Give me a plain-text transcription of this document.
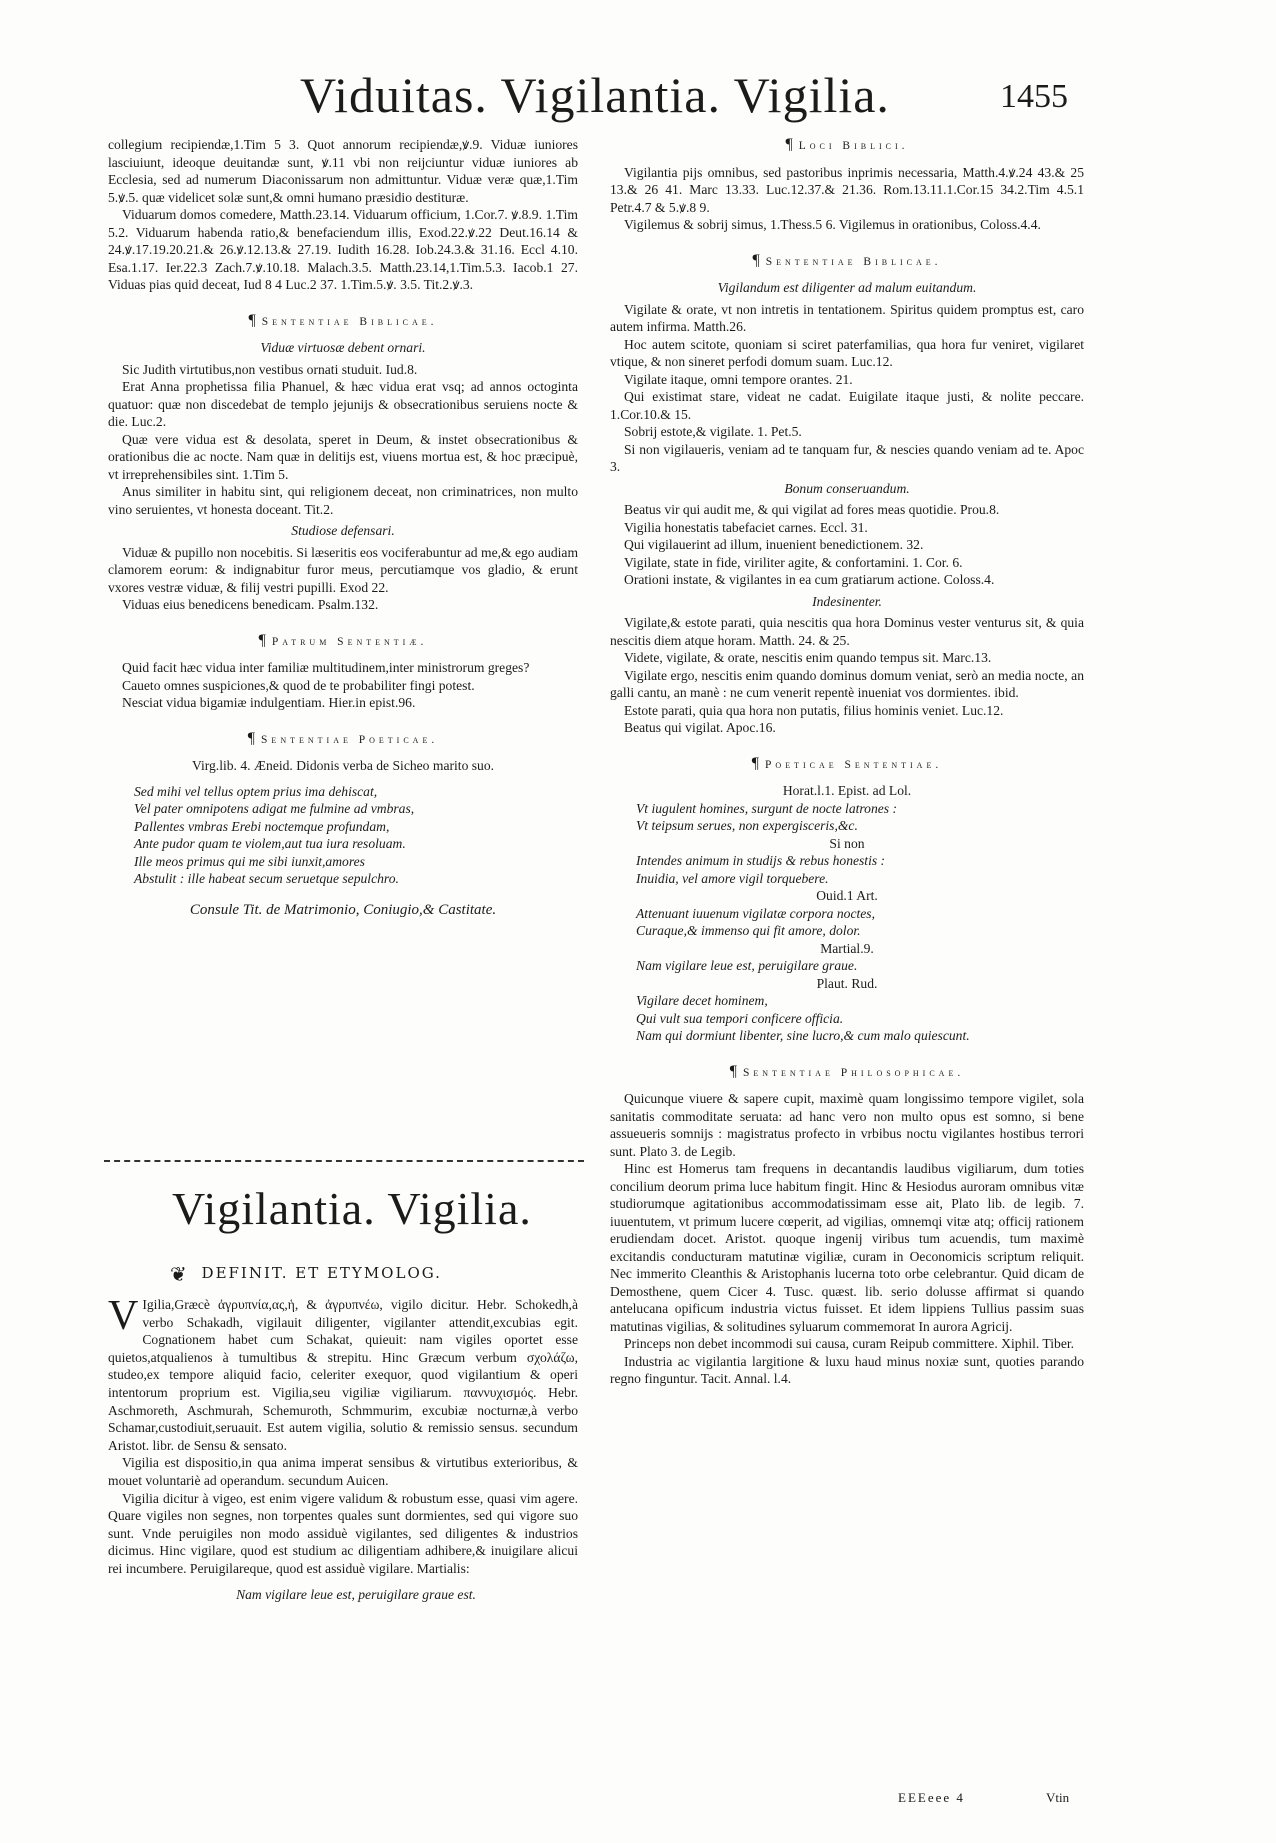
Viduitas. Vigilantia. Vigilia.	1455

collegium recipiendæ,1.Tim 5 3. Quot annorum recipiendæ,ꝟ.9. Viduæ iuniores lasciuiunt, ideoque deuitandæ sunt, ꝟ.11 vbi non reijciuntur viduæ iuniores ab Ecclesia, sed ad numerum Diaconissarum non admittuntur. Viduæ veræ quæ,1.Tim 5.ꝟ.5. quæ videlicet solæ sunt,& omni humano præsidio destituræ.

Viduarum domos comedere, Matth.23.14. Viduarum officium, 1.Cor.7. ꝟ.8.9. 1.Tim 5.2. Viduarum habenda ratio,& benefaciendum illis, Exod.22.ꝟ.22 Deut.16.14 & 24.ꝟ.17.19.20.21.& 26.ꝟ.12.13.& 27.19. Iudith 16.28. Iob.24.3.& 31.16. Eccl 4.10. Esa.1.17. Ier.22.3 Zach.7.ꝟ.10.18. Malach.3.5. Matth.23.14,1.Tim.5.3. Iacob.1 27. Viduas pias quid deceat, Iud 8 4 Luc.2 37. 1.Tim.5.ꝟ. 3.5. Tit.2.ꝟ.3.

¶ Sententiae Biblicae.
Viduæ virtuosæ debent ornari.

Sic Judith virtutibus,non vestibus ornati studuit. Iud.8.

Erat Anna prophetissa filia Phanuel, & hæc vidua erat vsq; ad annos octoginta quatuor: quæ non discedebat de templo jejunijs & obsecrationibus seruiens nocte & die. Luc.2.

Quæ vere vidua est & desolata, speret in Deum, & instet obsecrationibus & orationibus die ac nocte. Nam quæ in delitijs est, viuens mortua est, & hoc præcipuè, vt irreprehensibiles sint. 1.Tim 5.

Anus similiter in habitu sint, qui religionem deceat, non criminatrices, non multo vino seruientes, vt honesta doceant. Tit.2.

Studiose defensari.

Viduæ & pupillo non nocebitis. Si læseritis eos vociferabuntur ad me,& ego audiam clamorem eorum: & indignabitur furor meus, percutiamque vos gladio, & erunt vxores vestræ viduæ, & filij vestri pupilli. Exod 22.

Viduas eius benedicens benedicam. Psalm.132.

¶ Patrum Sententiæ.

Quid facit hæc vidua inter familiæ multitudinem,inter ministrorum greges?

Caueto omnes suspiciones,& quod de te probabiliter fingi potest.

Nesciat vidua bigamiæ indulgentiam. Hier.in epist.96.

¶ Sententiae Poeticae.
Virg.lib. 4. Æneid. Didonis verba de Sicheo marito suo.
Sed mihi vel tellus optem prius ima dehiscat,
Vel pater omnipotens adigat me fulmine ad vmbras,
Pallentes vmbras Erebi noctemque profundam,
Ante pudor quam te violem,aut tua iura resoluam.
Ille meos primus qui me sibi iunxit,amores
Abstulit : ille habeat secum seruetque sepulchro.
Consule Tit. de Matrimonio, Coniugio,& Castitate.
Vigilantia. Vigilia.
❦ DEFINIT. ET ETYMOLOG.

V Igilia,Græcè ἀγρυπνία,ας,ἡ, & ἀγρυπνέω, vigilo dicitur. Hebr. Schokedh,à verbo Schakadh, vigilauit diligenter, vigilanter attendit,excubias egit. Cognationem habet cum Schakat, quieuit: nam vigiles oportet esse quietos,atqualienos à tumultibus & strepitu. Hinc Græcum verbum σχολάζω, studeo,ex tempore aliquid facio, celeriter exequor, quod vigilantium & operi intentorum proprium est. Vigilia,seu vigiliæ vigiliarum. παννυχισμός. Hebr. Aschmoreth, Aschmurah, Schemuroth, Schmmurim, excubiæ nocturnæ,à verbo Schamar,custodiuit,seruauit. Est autem vigilia, solutio & remissio sensus. secundum Aristot. libr. de Sensu & sensato.

Vigilia est dispositio,in qua anima imperat sensibus & virtutibus exterioribus, & mouet voluntariè ad operandum. secundum Auicen.

Vigilia dicitur à vigeo, est enim vigere validum & robustum esse, quasi vim agere. Quare vigiles non segnes, non torpentes quales sunt dormientes, sed qui vigore suo sunt. Vnde peruigiles non modo assiduè vigilantes, sed diligentes & industrios dicimus. Hinc vigilare, quod est studium ac diligentiam adhibere,& inuigilare alicui rei incumbere. Peruigilareque, quod est assiduè vigilare. Martialis:

Nam vigilare leue est, peruigilare graue est.
¶ Loci Biblici.

Vigilantia pijs omnibus, sed pastoribus inprimis necessaria, Matth.4.ꝟ.24 43.& 25 13.& 26 41. Marc 13.33. Luc.12.37.& 21.36. Rom.13.11.1.Cor.15 34.2.Tim 4.5.1 Petr.4.7 & 5.ꝟ.8 9.

Vigilemus & sobrij simus, 1.Thess.5 6. Vigilemus in orationibus, Coloss.4.4.

¶ Sententiae Biblicae.
Vigilandum est diligenter ad malum euitandum.

Vigilate & orate, vt non intretis in tentationem. Spiritus quidem promptus est, caro autem infirma. Matth.26.

Hoc autem scitote, quoniam si sciret paterfamilias, qua hora fur veniret, vigilaret vtique, & non sineret perfodi domum suam. Luc.12.

Vigilate itaque, omni tempore orantes. 21.

Qui existimat stare, videat ne cadat. Euigilate itaque justi, & nolite peccare. 1.Cor.10.& 15.

Sobrij estote,& vigilate. 1. Pet.5.

Si non vigilaueris, veniam ad te tanquam fur, & nescies quando veniam ad te. Apoc 3.

Bonum conseruandum.

Beatus vir qui audit me, & qui vigilat ad fores meas quotidie. Prou.8.

Vigilia honestatis tabefaciet carnes. Eccl. 31.

Qui vigilauerint ad illum, inuenient benedictionem. 32.

Vigilate, state in fide, viriliter agite, & confortamini. 1. Cor. 6.

Orationi instate, & vigilantes in ea cum gratiarum actione. Coloss.4.

Indesinenter.

Vigilate,& estote parati, quia nescitis qua hora Dominus vester venturus sit, & quia nescitis diem atque horam. Matth. 24. & 25.

Videte, vigilate, & orate, nescitis enim quando tempus sit. Marc.13.

Vigilate ergo, nescitis enim quando dominus domum veniat, serò an media nocte, an galli cantu, an manè : ne cum venerit repentè inueniat vos dormientes. ibid.

Estote parati, quia qua hora non putatis, filius hominis veniet. Luc.12.

Beatus qui vigilat. Apoc.16.

¶ Poeticae Sententiae.
Horat.l.1. Epist. ad Lol.
Vt iugulent homines, surgunt de nocte latrones :
Vt teipsum serues, non expergisceris,&c.
Si non
Intendes animum in studijs & rebus honestis :
Inuidia, vel amore vigil torquebere.
Ouid.1 Art.
Attenuant iuuenum vigilatæ corpora noctes,
Curaque,& immenso qui fit amore, dolor.
Martial.9.
Nam vigilare leue est, peruigilare graue.
Plaut. Rud.
Vigilare decet hominem,
Qui vult sua tempori conficere officia.
Nam qui dormiunt libenter, sine lucro,& cum malo quiescunt.
¶ Sententiae Philosophicae.

Quicunque viuere & sapere cupit, maximè quam longissimo tempore vigilet, sola sanitatis commoditate seruata: ad hanc vero non multo opus est somno, si bene assueueris somnijs : magistratus profecto in vrbibus noctu vigilantes hostibus terrori sunt. Plato 3. de Legib.

Hinc est Homerus tam frequens in decantandis laudibus vigiliarum, dum toties concilium deorum prima luce habitum fingit. Hinc & Hesiodus auroram omnibus vitæ studiorumque agitationibus accommodatissimam esse ait, Plato lib. de legib. 7. iuuentutem, vt primum lucere cœperit, ad vigilias, omnemqi vitæ atq; officij rationem erudiendam docet. Aristot. quoque ingenij viribus tum acuendis, tum maximè excitandis conducturam matutinæ vigiliæ, curam in Oeconomicis scriptum reliquit. Nec immerito Cleanthis & Aristophanis lucerna toto orbe celebrantur. Quid dicam de Demosthene, quem Cicer 4. Tusc. quæst. lib. serio dolusse affirmat si quando antelucana opificum industria victus fuisset. Et idem lippiens Tullius passim suas matutinas vigilias, & solitudines syluarum commemorat In aurora Agricij.

Princeps non debet incommodi sui causa, curam Reipub committere. Xiphil. Tiber.

Industria ac vigilantia largitione & luxu haud minus noxiæ sunt, quoties parando regno finguntur. Tacit. Annal. l.4.

EEEeee 4	Vtin
